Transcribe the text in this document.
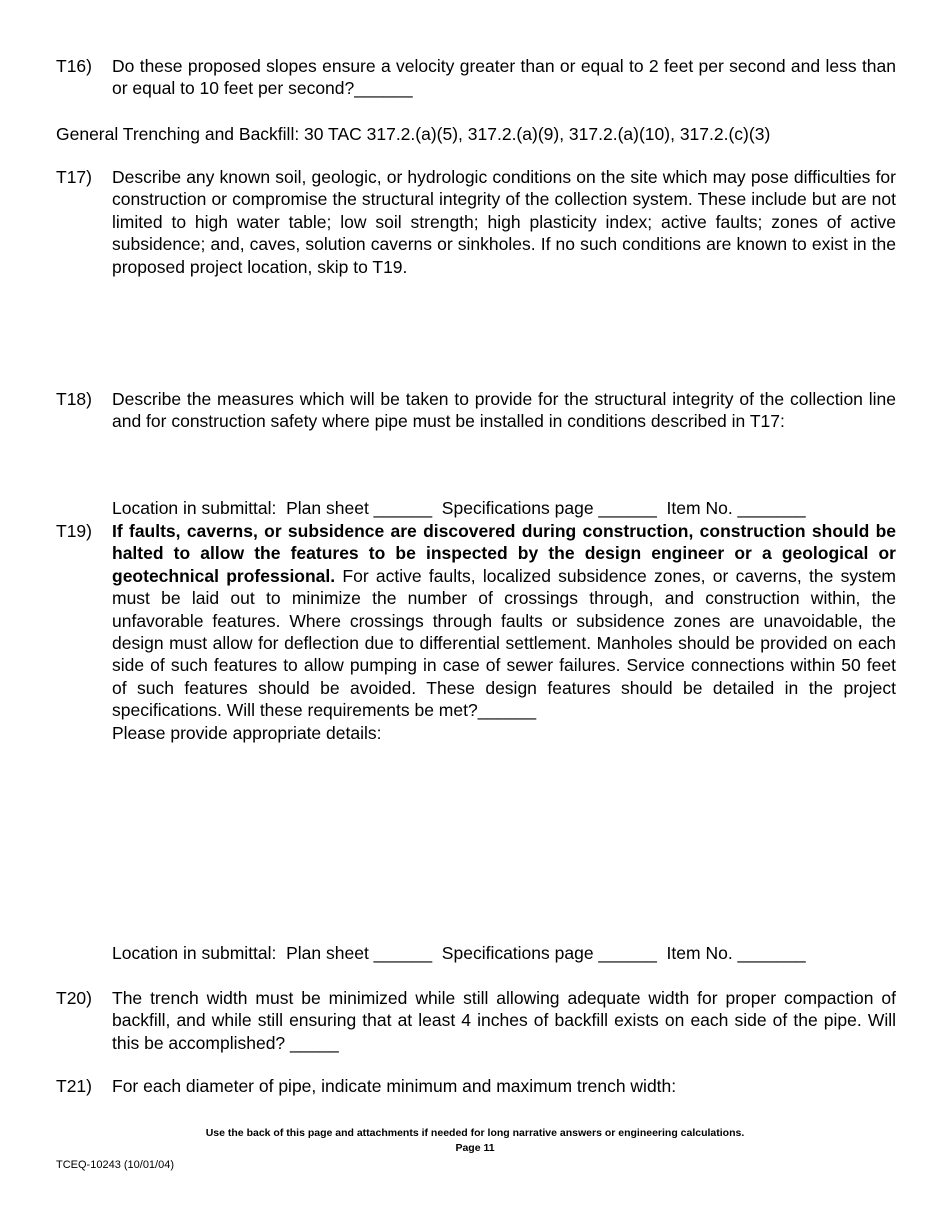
T16) Do these proposed slopes ensure a velocity greater than or equal to 2 feet per second and less than or equal to 10 feet per second?______
General Trenching and Backfill: 30 TAC 317.2.(a)(5), 317.2.(a)(9), 317.2.(a)(10), 317.2.(c)(3)
T17) Describe any known soil, geologic, or hydrologic conditions on the site which may pose difficulties for construction or compromise the structural integrity of the collection system. These include but are not limited to high water table; low soil strength; high plasticity index; active faults; zones of active subsidence; and, caves, solution caverns or sinkholes. If no such conditions are known to exist in the proposed project location, skip to T19.
T18) Describe the measures which will be taken to provide for the structural integrity of the collection line and for construction safety where pipe must be installed in conditions described in T17:
Location in submittal:  Plan sheet ______  Specifications page ______  Item No. _______
T19) If faults, caverns, or subsidence are discovered during construction, construction should be halted to allow the features to be inspected by the design engineer or a geological or geotechnical professional. For active faults, localized subsidence zones, or caverns, the system must be laid out to minimize the number of crossings through, and construction within, the unfavorable features. Where crossings through faults or subsidence zones are unavoidable, the design must allow for deflection due to differential settlement. Manholes should be provided on each side of such features to allow pumping in case of sewer failures. Service connections within 50 feet of such features should be avoided. These design features should be detailed in the project specifications. Will these requirements be met?______
Please provide appropriate details:
Location in submittal:  Plan sheet ______  Specifications page ______  Item No. _______
T20) The trench width must be minimized while still allowing adequate width for proper compaction of backfill, and while still ensuring that at least 4 inches of backfill exists on each side of the pipe. Will this be accomplished? _____
T21) For each diameter of pipe, indicate minimum and maximum trench width:
Use the back of this page and attachments if needed for long narrative answers or engineering calculations.
Page 11
TCEQ-10243 (10/01/04)
